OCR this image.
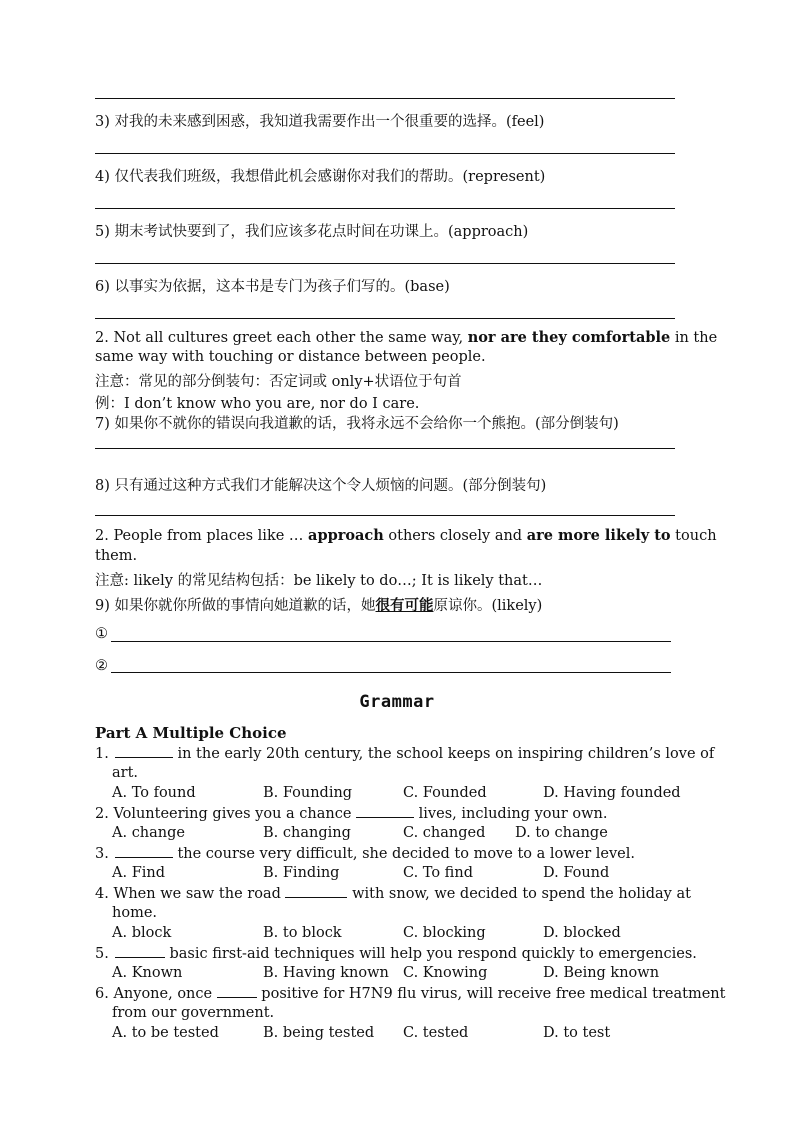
3) 对我的未来感到困惑，我知道我需要作出一个很重要的选择。(feel)
4) 仅代表我们班级，我想借此机会感谢你对我们的帮助。(represent)
5) 期末考试快要到了，我们应该多花点时间在功课上。(approach)
6) 以事实为依据，这本书是专门为孩子们写的。(base)
2. Not all cultures greet each other the same way, nor are they comfortable in the
same way with touching or distance between people.
注意：常见的部分倒装句：否定词或 only+状语位于句首
例：I don’t know who you are, nor do I care.
7) 如果你不就你的错误向我道歉的话，我将永远不会给你一个熊抱。(部分倒装句)
8) 只有通过这种方式我们才能解决这个令人烦恼的问题。(部分倒装句)
2. People from places like … approach others closely and are more likely to touch
them.
注意: likely 的常见结构包括：be likely to do…; It is likely that…
9) 如果你就你所做的事情向她道歉的话，她很有可能原谅你。(likely)
①
②
Grammar
Part A Multiple Choice
1.	in the early 20th century, the school keeps on inspiring children’s love of
art.
A. To found	B. Founding	C. Founded	D. Having founded
2. Volunteering gives you a chance	lives, including your own.
A. change	B. changing	C. changed D. to change
3.	the course very difficult, she decided to move to a lower level.
A. Find	B. Finding	C. To find	D. Found
4. When we saw the road	with snow, we decided to spend the holiday at
home.
A. block	B. to block	C. blocking	D. blocked
5.	basic first-aid techniques will help you respond quickly to emergencies.
A. Known	B. Having known C. Knowing	D. Being known
6. Anyone, once	positive for H7N9 flu virus, will receive free medical treatment
from our government.
A. to be tested	B. being tested C. tested	D. to test
